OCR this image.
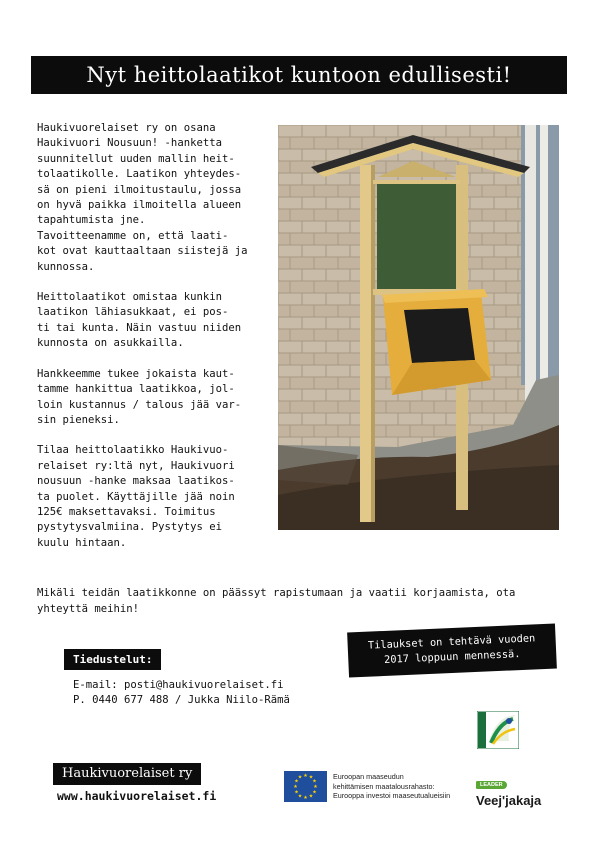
Nyt heittolaatikot kuntoon edullisesti!

Haukivuorelaiset ry on osana
Haukivuori Nousuun! -hanketta
suunnitellut uuden mallin heit-
tolaatikolle. Laatikon yhteydes-
sä on pieni ilmoitustaulu, jossa
on hyvä paikka ilmoitella alueen
tapahtumista jne.

Tavoitteenamme on, että laati-
kot ovat kauttaaltaan siistejä ja
kunnossa.

Heittolaatikot omistaa kunkin
laatikon lähiasukkaat, ei pos-
ti tai kunta. Näin vastuu niiden
kunnosta on asukkailla.

Hankkeemme tukee jokaista kaut-
tamme hankittua laatikkoa, jol-
loin kustannus / talous jää var-
sin pieneksi.

Tilaa heittolaatikko Haukivuo-
relaiset ry:ltä nyt, Haukivuori
nousuun -hanke maksaa laatikos-
ta puolet. Käyttäjille jää noin
125€ maksettavaksi. Toimitus
pystytysvalmiina. Pystytys ei
kuulu hintaan.

Mikäli teidän laatikkonne on päässyt rapistumaan ja vaatii korjaamista, ota
yhteyttä meihin!
Tiedustelut:
Tilaukset on tehtävä vuoden
2017 loppuun mennessä.
E-mail: posti@haukivuorelaiset.fi
P. 0440 677 488 / Jukka Niilo-Rämä
Haukivuorelaiset ry
www.haukivuorelaiset.fi
★ ★
★
★
★
★
★
★
★
★
★
★	Euroopan maaseudun
kehittämisen maatalousrahasto:
Eurooppa investoi maaseutualueisiin
LEADER
Veej'jakaja
